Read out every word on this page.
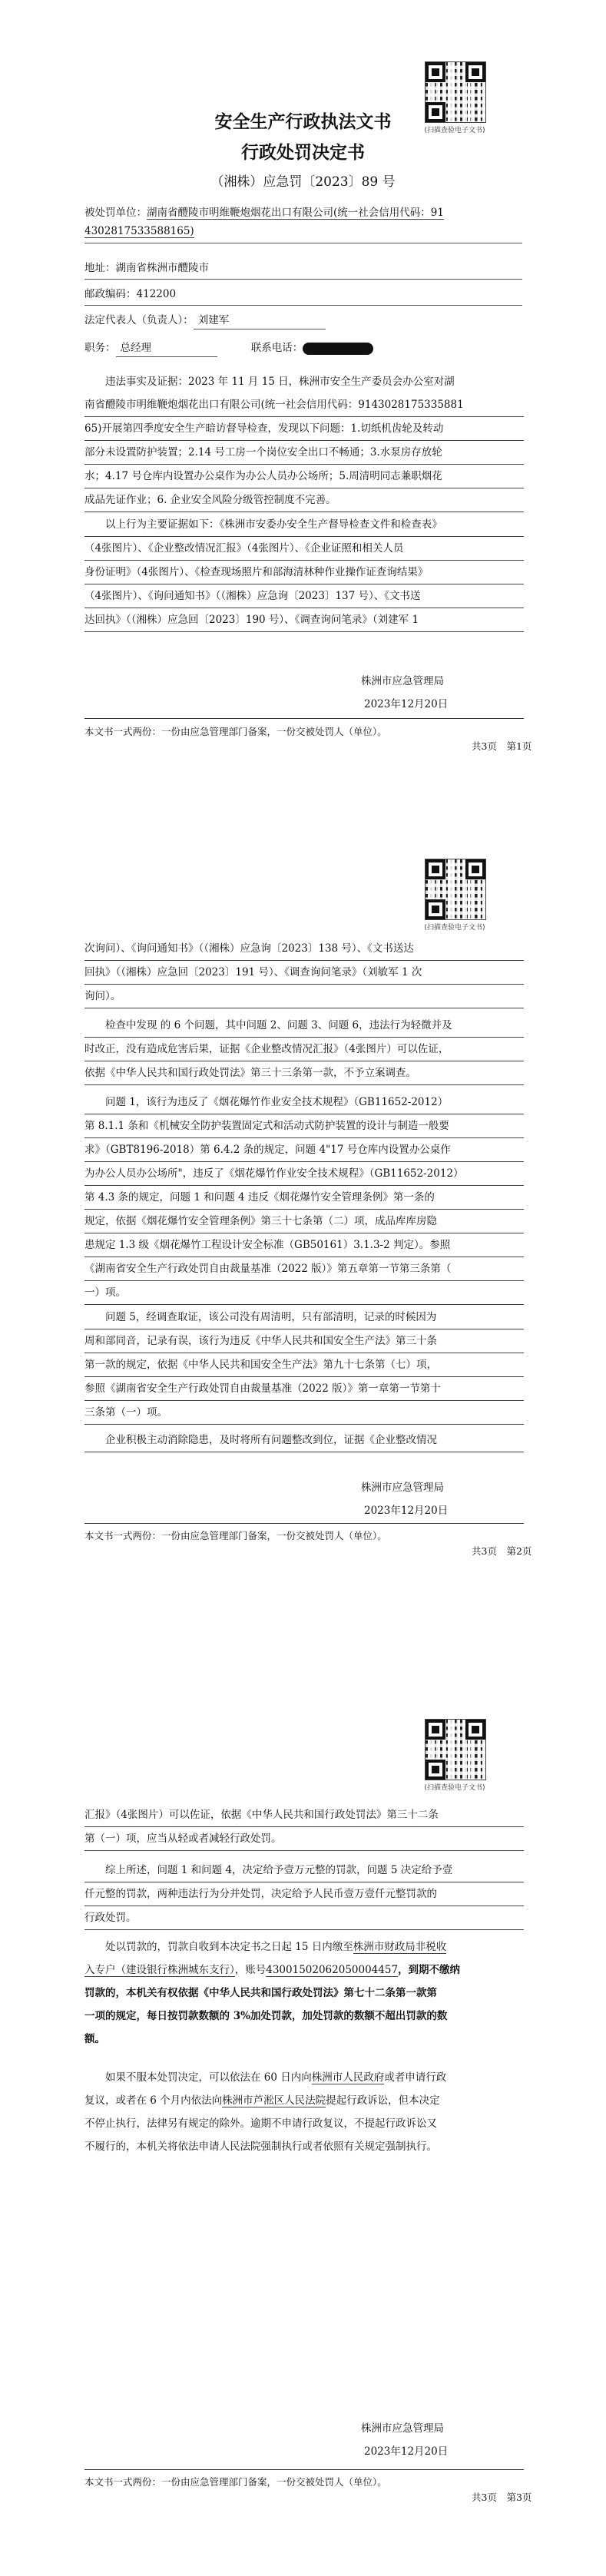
(扫描查验电子文书)
安全生产行政执法文书
行政处罚决定书
（湘株）应急罚〔2023〕89 号
被处罚单位：湖南省醴陵市明维鞭炮烟花出口有限公司(统一社会信用代码：91
4302817533588165)
地址：湖南省株洲市醴陵市
邮政编码：412200
法定代表人（负责人）： 刘建军
职务： 总经理	联系电话：

违法事实及证据：2023 年 11 月 15 日，株洲市安全生产委员会办公室对湖

南省醴陵市明维鞭炮烟花出口有限公司(统一社会信用代码：9143028175335881

65)开展第四季度安全生产暗访督导检查，发现以下问题：1.切纸机齿轮及转动

部分未设置防护装置；2.14 号工房一个岗位安全出口不畅通；3.水泵房存放轮

水；4.17 号仓库内设置办公桌作为办公人员办公场所；5.周清明同志兼职烟花

成品先证作业；6. 企业安全风险分级管控制度不完善。

以上行为主要证据如下：《株洲市安委办安全生产督导检查文件和检查表》

（4张图片）、《企业整改情况汇报》（4张图片）、《企业证照和相关人员

身份证明》（4张图片）、《检查现场照片和部海清林种作业操作证查询结果》

（4张图片）、《询问通知书》（（湘株）应急询〔2023〕137 号）、《文书送

达回执》（（湘株）应急回〔2023〕190 号）、《调查询问笔录》（刘建军 1

株洲市应急管理局
2023年12月20日
本文书一式两份：一份由应急管理部门备案，一份交被处罚人（单位）。
共3页　第1页
(扫描查验电子文书)

次询问）、《询问通知书》（（湘株）应急询〔2023〕138 号）、《文书送达

回执》（（湘株）应急回〔2023〕191 号）、《调查询问笔录》（刘敏军 1 次

询问）。

检查中发现 的 6 个问题，其中问题 2、问题 3、问题 6，违法行为轻微并及

时改正，没有造成危害后果，证据《企业整改情况汇报》（4张图片）可以佐证，

依据《中华人民共和国行政处罚法》第三十三条第一款，不予立案调查。

问题 1，该行为违反了《烟花爆竹作业安全技术规程》（GB11652-2012）

第 8.1.1 条和《机械安全防护装置固定式和活动式防护装置的设计与制造一般要

求》（GBT8196-2018）第 6.4.2 条的规定，问题 4"17 号仓库内设置办公桌作

为办公人员办公场所"，违反了《烟花爆竹作业安全技术规程》（GB11652-2012）

第 4.3 条的规定，问题 1 和问题 4 违反《烟花爆竹安全管理条例》第一条的

规定，依据《烟花爆竹安全管理条例》第三十七条第（二）项，成品库库房隐

患规定 1.3 级《烟花爆竹工程设计安全标准（GB50161）3.1.3-2 判定）。参照

《湖南省安全生产行政处罚自由裁量基准（2022 版）》第五章第一节第三条第（

一）项。

问题 5，经调查取证，该公司没有周清明，只有部清明，记录的时候因为

周和部同音，记录有误，该行为违反《中华人民共和国安全生产法》第三十条

第一款的规定，依据《中华人民共和国安全生产法》第九十七条第（七）项，

参照《湖南省安全生产行政处罚自由裁量基准（2022 版）》第一章第一节第十

三条第（一）项。

企业积极主动消除隐患，及时将所有问题整改到位，证据《企业整改情况

株洲市应急管理局
2023年12月20日
本文书一式两份：一份由应急管理部门备案，一份交被处罚人（单位）。
共3页　第2页
(扫描查验电子文书)

汇报》（4张图片）可以佐证，依据《中华人民共和国行政处罚法》第三十二条

第（一）项，应当从轻或者减轻行政处罚。

综上所述，问题 1 和问题 4，决定给予壹万元整的罚款，问题 5 决定给予壹

仟元整的罚款，两种违法行为分并处罚，决定给予人民币壹万壹仟元整罚款的

行政处罚。

处以罚款的，罚款自收到本决定书之日起 15 日内缴至株洲市财政局非税收

入专户（建设银行株洲城东支行），账号43001502062050004457，到期不缴纳

罚款的，本机关有权依据《中华人民共和国行政处罚法》第七十二条第一款第

一项的规定，每日按罚款数额的 3%加处罚款，加处罚款的数额不超出罚款的数

额。

如果不服本处罚决定，可以依法在 60 日内向株洲市人民政府或者申请行政

复议，或者在 6 个月内依法向株洲市芦淞区人民法院提起行政诉讼，但本决定

不停止执行，法律另有规定的除外。逾期不申请行政复议，不提起行政诉讼又

不履行的，本机关将依法申请人民法院强制执行或者依照有关规定强制执行。

株洲市应急管理局
2023年12月20日
本文书一式两份：一份由应急管理部门备案，一份交被处罚人（单位）。
共3页　第3页
